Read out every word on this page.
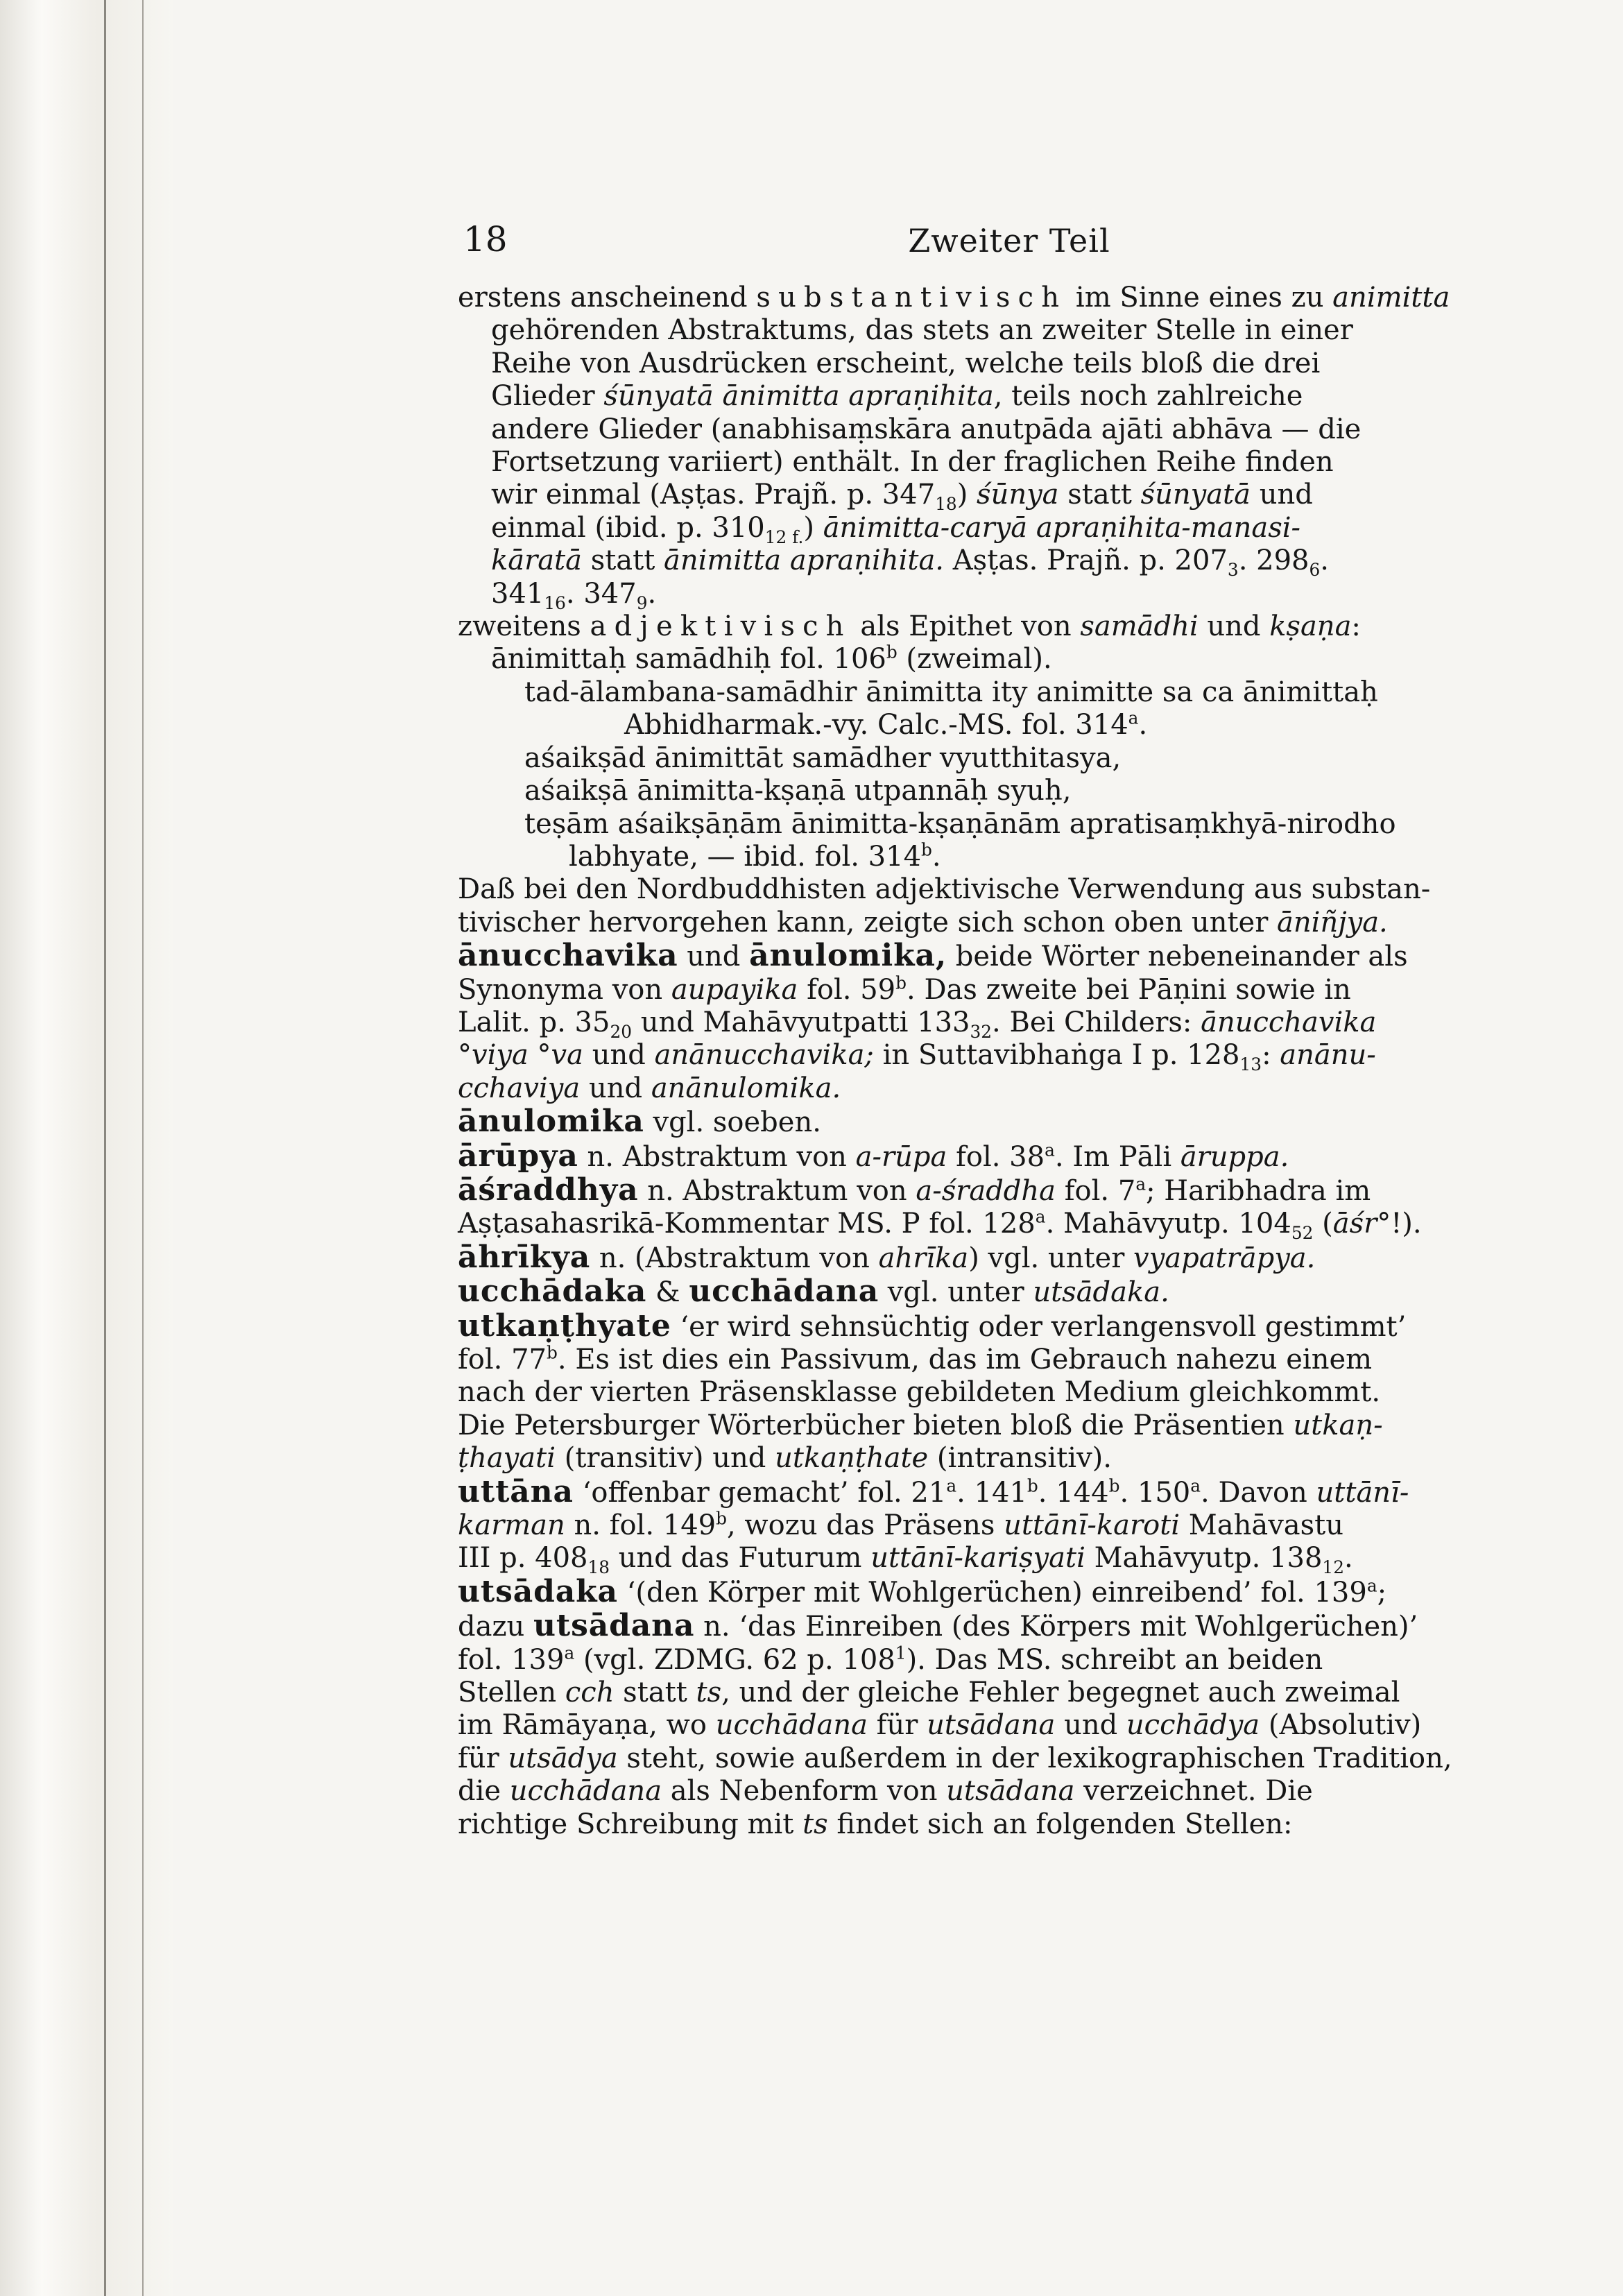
18	Zweiter Teil
erstens anscheinend substantivisch im Sinne eines zu animitta
gehörenden Abstraktums, das stets an zweiter Stelle in einer
Reihe von Ausdrücken erscheint, welche teils bloß die drei
Glieder śūnyatā ānimitta apraṇihita, teils noch zahlreiche
andere Glieder (anabhisaṃskāra anutpāda ajāti abhāva — die
Fortsetzung variiert) enthält. In der fraglichen Reihe finden
wir einmal (Aṣṭas. Prajñ. p. $347_{18}$) śūnya statt śūnyatā und
einmal (ibid. p. $310_{12 f.}$) ānimitta-caryā apraṇihita-manasi-
kāratā statt ānimitta apraṇihita. Aṣṭas. Prajñ. p. $207_3$. $298_6$.
$341_{16}$. $347_9$.
zweitens adjektivisch als Epithet von samādhi und kṣaṇa:
ānimittaḥ samādhiḥ fol. 106$^b$ (zweimal).
tad-ālambana-samādhir ānimitta ity animitte sa ca ānimittaḥ
Abhidharmak.-vy. Calc.-MS. fol. 314$^a$.
aśaikṣād ānimittāt samādher vyutthitasya,
aśaikṣā ānimitta-kṣaṇā utpannāḥ syuḥ,
teṣām aśaikṣāṇām ānimitta-kṣaṇānām apratisaṃkhyā-nirodho
labhyate, — ibid. fol. 314$^b$.
Daß bei den Nordbuddhisten adjektivische Verwendung aus substan-
tivischer hervorgehen kann, zeigte sich schon oben unter āniñjya.
ānucchavika und ānulomika, beide Wörter nebeneinander als
Synonyma von aupayika fol. 59$^b$. Das zweite bei Pāṇini sowie in
Lalit. p. $35_{20}$ und Mahāvyutpatti $133_{32}$. Bei Childers: ānucchavika
°viya °va und anānucchavika; in Suttavibhaṅga I p. $128_{13}$: anānu-
cchaviya und anānulomika.
ānulomika vgl. soeben.
ārūpya n. Abstraktum von a-rūpa fol. 38$^a$. Im Pāli āruppa.
āśraddhya n. Abstraktum von a-śraddha fol. 7$^a$; Haribhadra im
Aṣṭasahasrikā-Kommentar MS. P fol. 128$^a$. Mahāvyutp. $104_{52}$ (āśr°!).
āhrīkya n. (Abstraktum von ahrīka) vgl. unter vyapatrāpya.
ucchādaka & ucchādana vgl. unter utsādaka.
utkaṇṭhyate ‘er wird sehnsüchtig oder verlangensvoll gestimmt’
fol. 77$^b$. Es ist dies ein Passivum, das im Gebrauch nahezu einem
nach der vierten Präsensklasse gebildeten Medium gleichkommt.
Die Petersburger Wörterbücher bieten bloß die Präsentien utkaṇ-
ṭhayati (transitiv) und utkaṇṭhate (intransitiv).
uttāna ‘offenbar gemacht’ fol. 21$^a$. 141$^b$. 144$^b$. 150$^a$. Davon uttānī-
karman n. fol. 149$^b$, wozu das Präsens uttānī-karoti Mahāvastu
III p. $408_{18}$ und das Futurum uttānī-kariṣyati Mahāvyutp. $138_{12}$.
utsādaka ‘(den Körper mit Wohlgerüchen) einreibend’ fol. 139$^a$;
dazu utsādana n. ‘das Einreiben (des Körpers mit Wohlgerüchen)’
fol. 139$^a$ (vgl. ZDMG. 62 p. $108^1$). Das MS. schreibt an beiden
Stellen cch statt ts, und der gleiche Fehler begegnet auch zweimal
im Rāmāyaṇa, wo ucchādana für utsādana und ucchādya (Absolutiv)
für utsādya steht, sowie außerdem in der lexikographischen Tradition,
die ucchādana als Nebenform von utsādana verzeichnet. Die
richtige Schreibung mit ts findet sich an folgenden Stellen:
